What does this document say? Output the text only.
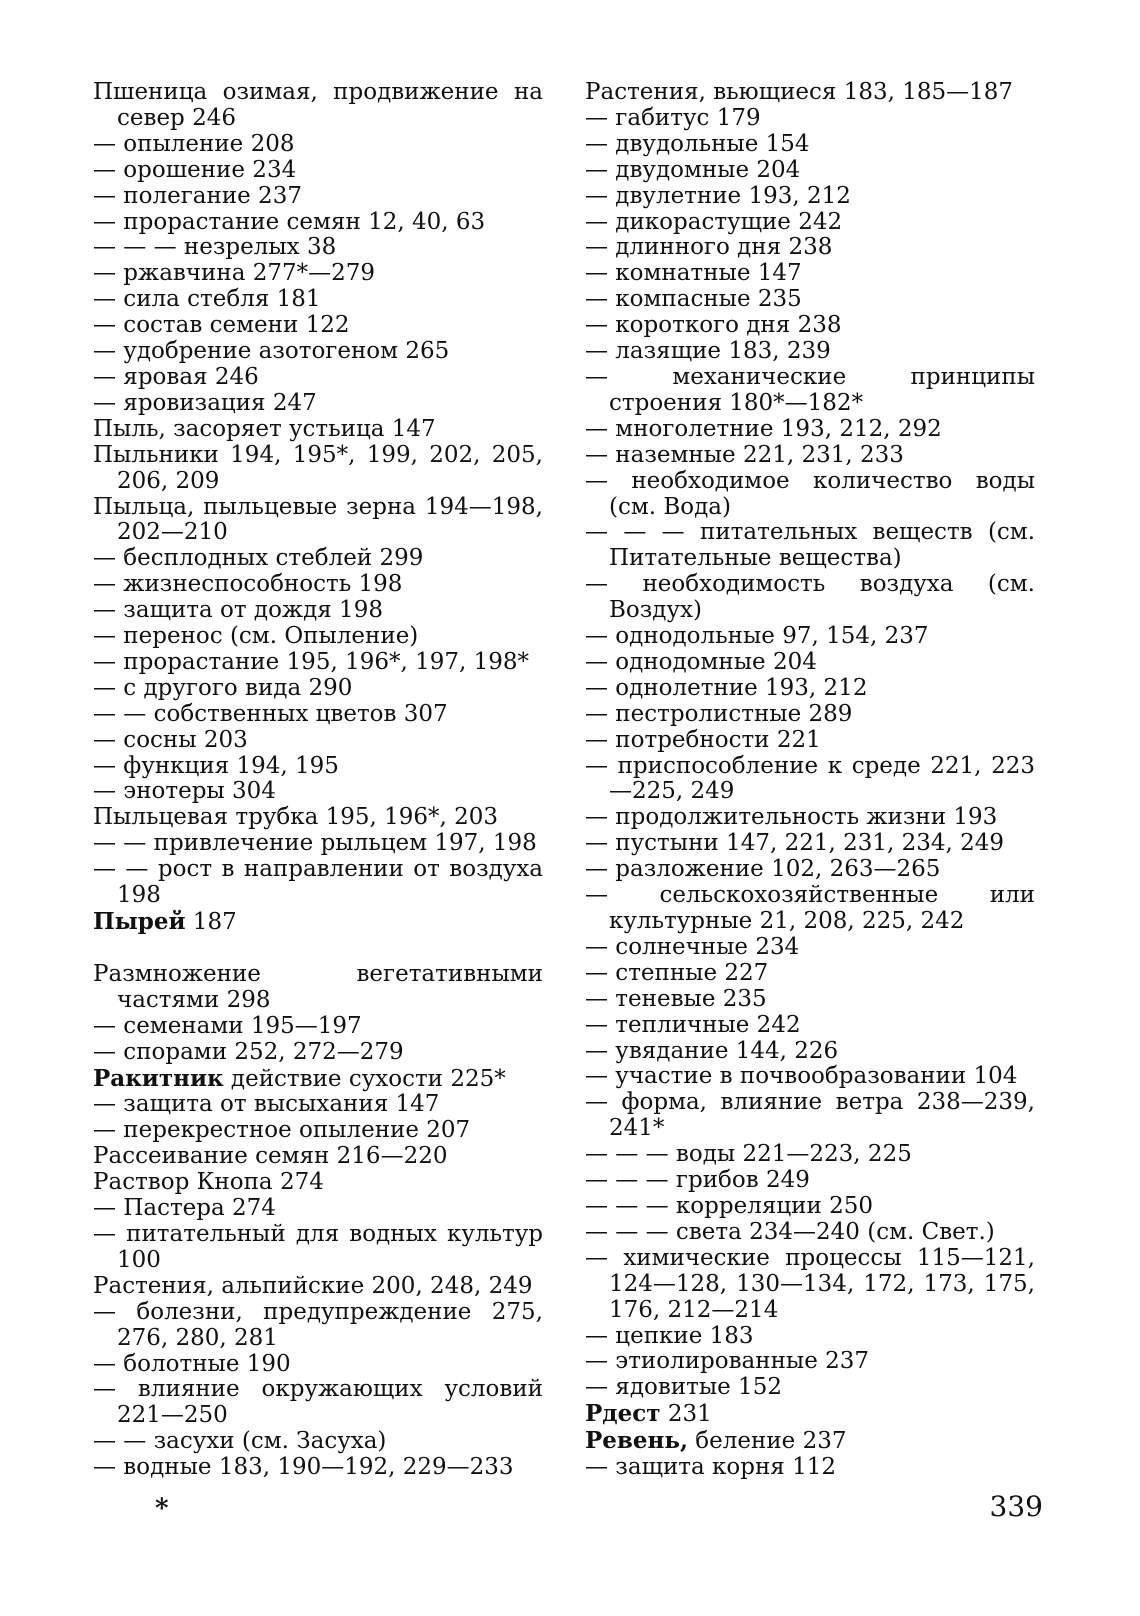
Пшеница озимая, продвижение на север 246
— опыление 208
— орошение 234
— полегание 237
— прорастание семян 12, 40, 63
— — — незрелых 38
— ржавчина 277*—279
— сила стебля 181
— состав семени 122
— удобрение азотогеном 265
— яровая 246
— яровизация 247
Пыль, засоряет устьица 147
Пыльники 194, 195*, 199, 202, 205, 206, 209
Пыльца, пыльцевые зерна 194—198, 202—210
— бесплодных стеблей 299
— жизнеспособность 198
— защита от дождя 198
— перенос (см. Опыление)
— прорастание 195, 196*, 197, 198*
— с другого вида 290
— — собственных цветов 307
— сосны 203
— функция 194, 195
— энотеры 304
Пыльцевая трубка 195, 196*, 203
— — привлечение рыльцем 197, 198
— — рост в направлении от воздуха 198
Пырей 187
Размножение вегетативными частями 298
— семенами 195—197
— спорами 252, 272—279
Ракитник действие сухости 225*
— защита от высыхания 147
— перекрестное опыление 207
Рассеивание семян 216—220
Раствор Кнопа 274
— Пастера 274
— питательный для водных культур 100
Растения, альпийские 200, 248, 249
— болезни, предупреждение 275, 276, 280, 281
— болотные 190
— влияние окружающих условий 221—250
— — засухи (см. Засуха)
— водные 183, 190—192, 229—233
Растения, вьющиеся 183, 185—187
— габитус 179
— двудольные 154
— двудомные 204
— двулетние 193, 212
— дикорастущие 242
— длинного дня 238
— комнатные 147
— компасные 235
— короткого дня 238
— лазящие 183, 239
— механические принципы строения 180*—182*
— многолетние 193, 212, 292
— наземные 221, 231, 233
— необходимое количество воды (см. Вода)
— — — питательных веществ (см. Питательные вещества)
— необходимость воздуха (см. Воздух)
— однодольные 97, 154, 237
— однодомные 204
— однолетние 193, 212
— пестролистные 289
— потребности 221
— приспособление к среде 221, 223—225, 249
— продолжительность жизни 193
— пустыни 147, 221, 231, 234, 249
— разложение 102, 263—265
— сельскохозяйственные или культурные 21, 208, 225, 242
— солнечные 234
— степные 227
— теневые 235
— тепличные 242
— увядание 144, 226
— участие в почвообразовании 104
— форма, влияние ветра 238—239, 241*
— — — воды 221—223, 225
— — — грибов 249
— — — корреляции 250
— — — света 234—240 (см. Свет.)
— химические процессы 115—121, 124—128, 130—134, 172, 173, 175, 176, 212—214
— цепкие 183
— этиолированные 237
— ядовитые 152
Рдест 231
Ревень, беление 237
— защита корня 112
*	339
